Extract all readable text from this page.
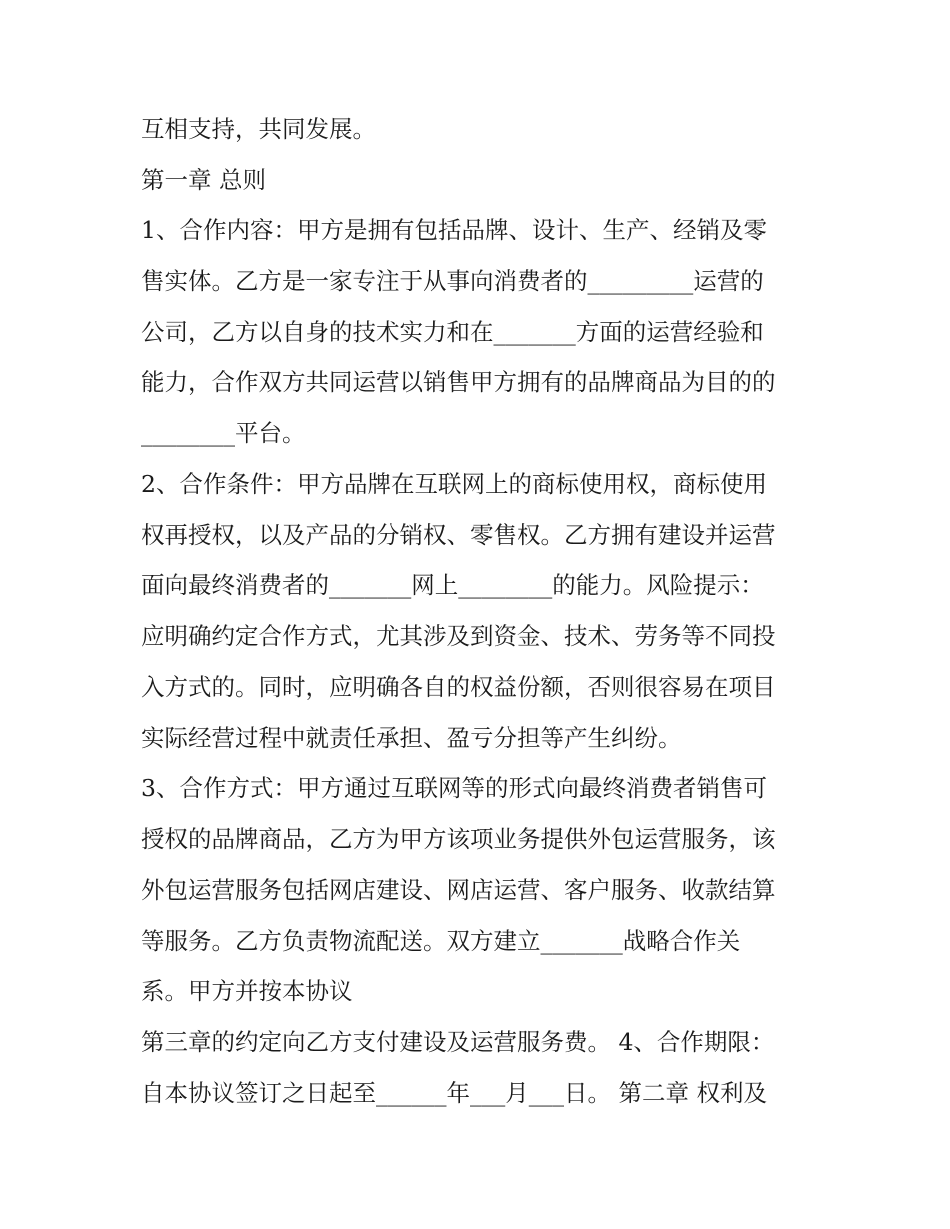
互相支持，共同发展。

第一章 总则

1、合作内容：甲方是拥有包括品牌、设计、生产、经销及零

售实体。乙方是一家专注于从事向消费者的_________运营的

公司，乙方以自身的技术实力和在_______方面的运营经验和

能力，合作双方共同运营以销售甲方拥有的品牌商品为目的的

________平台。

2、合作条件：甲方品牌在互联网上的商标使用权，商标使用

权再授权，以及产品的分销权、零售权。乙方拥有建设并运营

面向最终消费者的_______网上________的能力。风险提示：

应明确约定合作方式，尤其涉及到资金、技术、劳务等不同投

入方式的。同时，应明确各自的权益份额，否则很容易在项目

实际经营过程中就责任承担、盈亏分担等产生纠纷。

3、合作方式：甲方通过互联网等的形式向最终消费者销售可

授权的品牌商品，乙方为甲方该项业务提供外包运营服务，该

外包运营服务包括网店建设、网店运营、客户服务、收款结算

等服务。乙方负责物流配送。双方建立_______战略合作关

系。甲方并按本协议

第三章的约定向乙方支付建设及运营服务费。 4、合作期限：

自本协议签订之日起至______年___月___日。 第二章 权利及
